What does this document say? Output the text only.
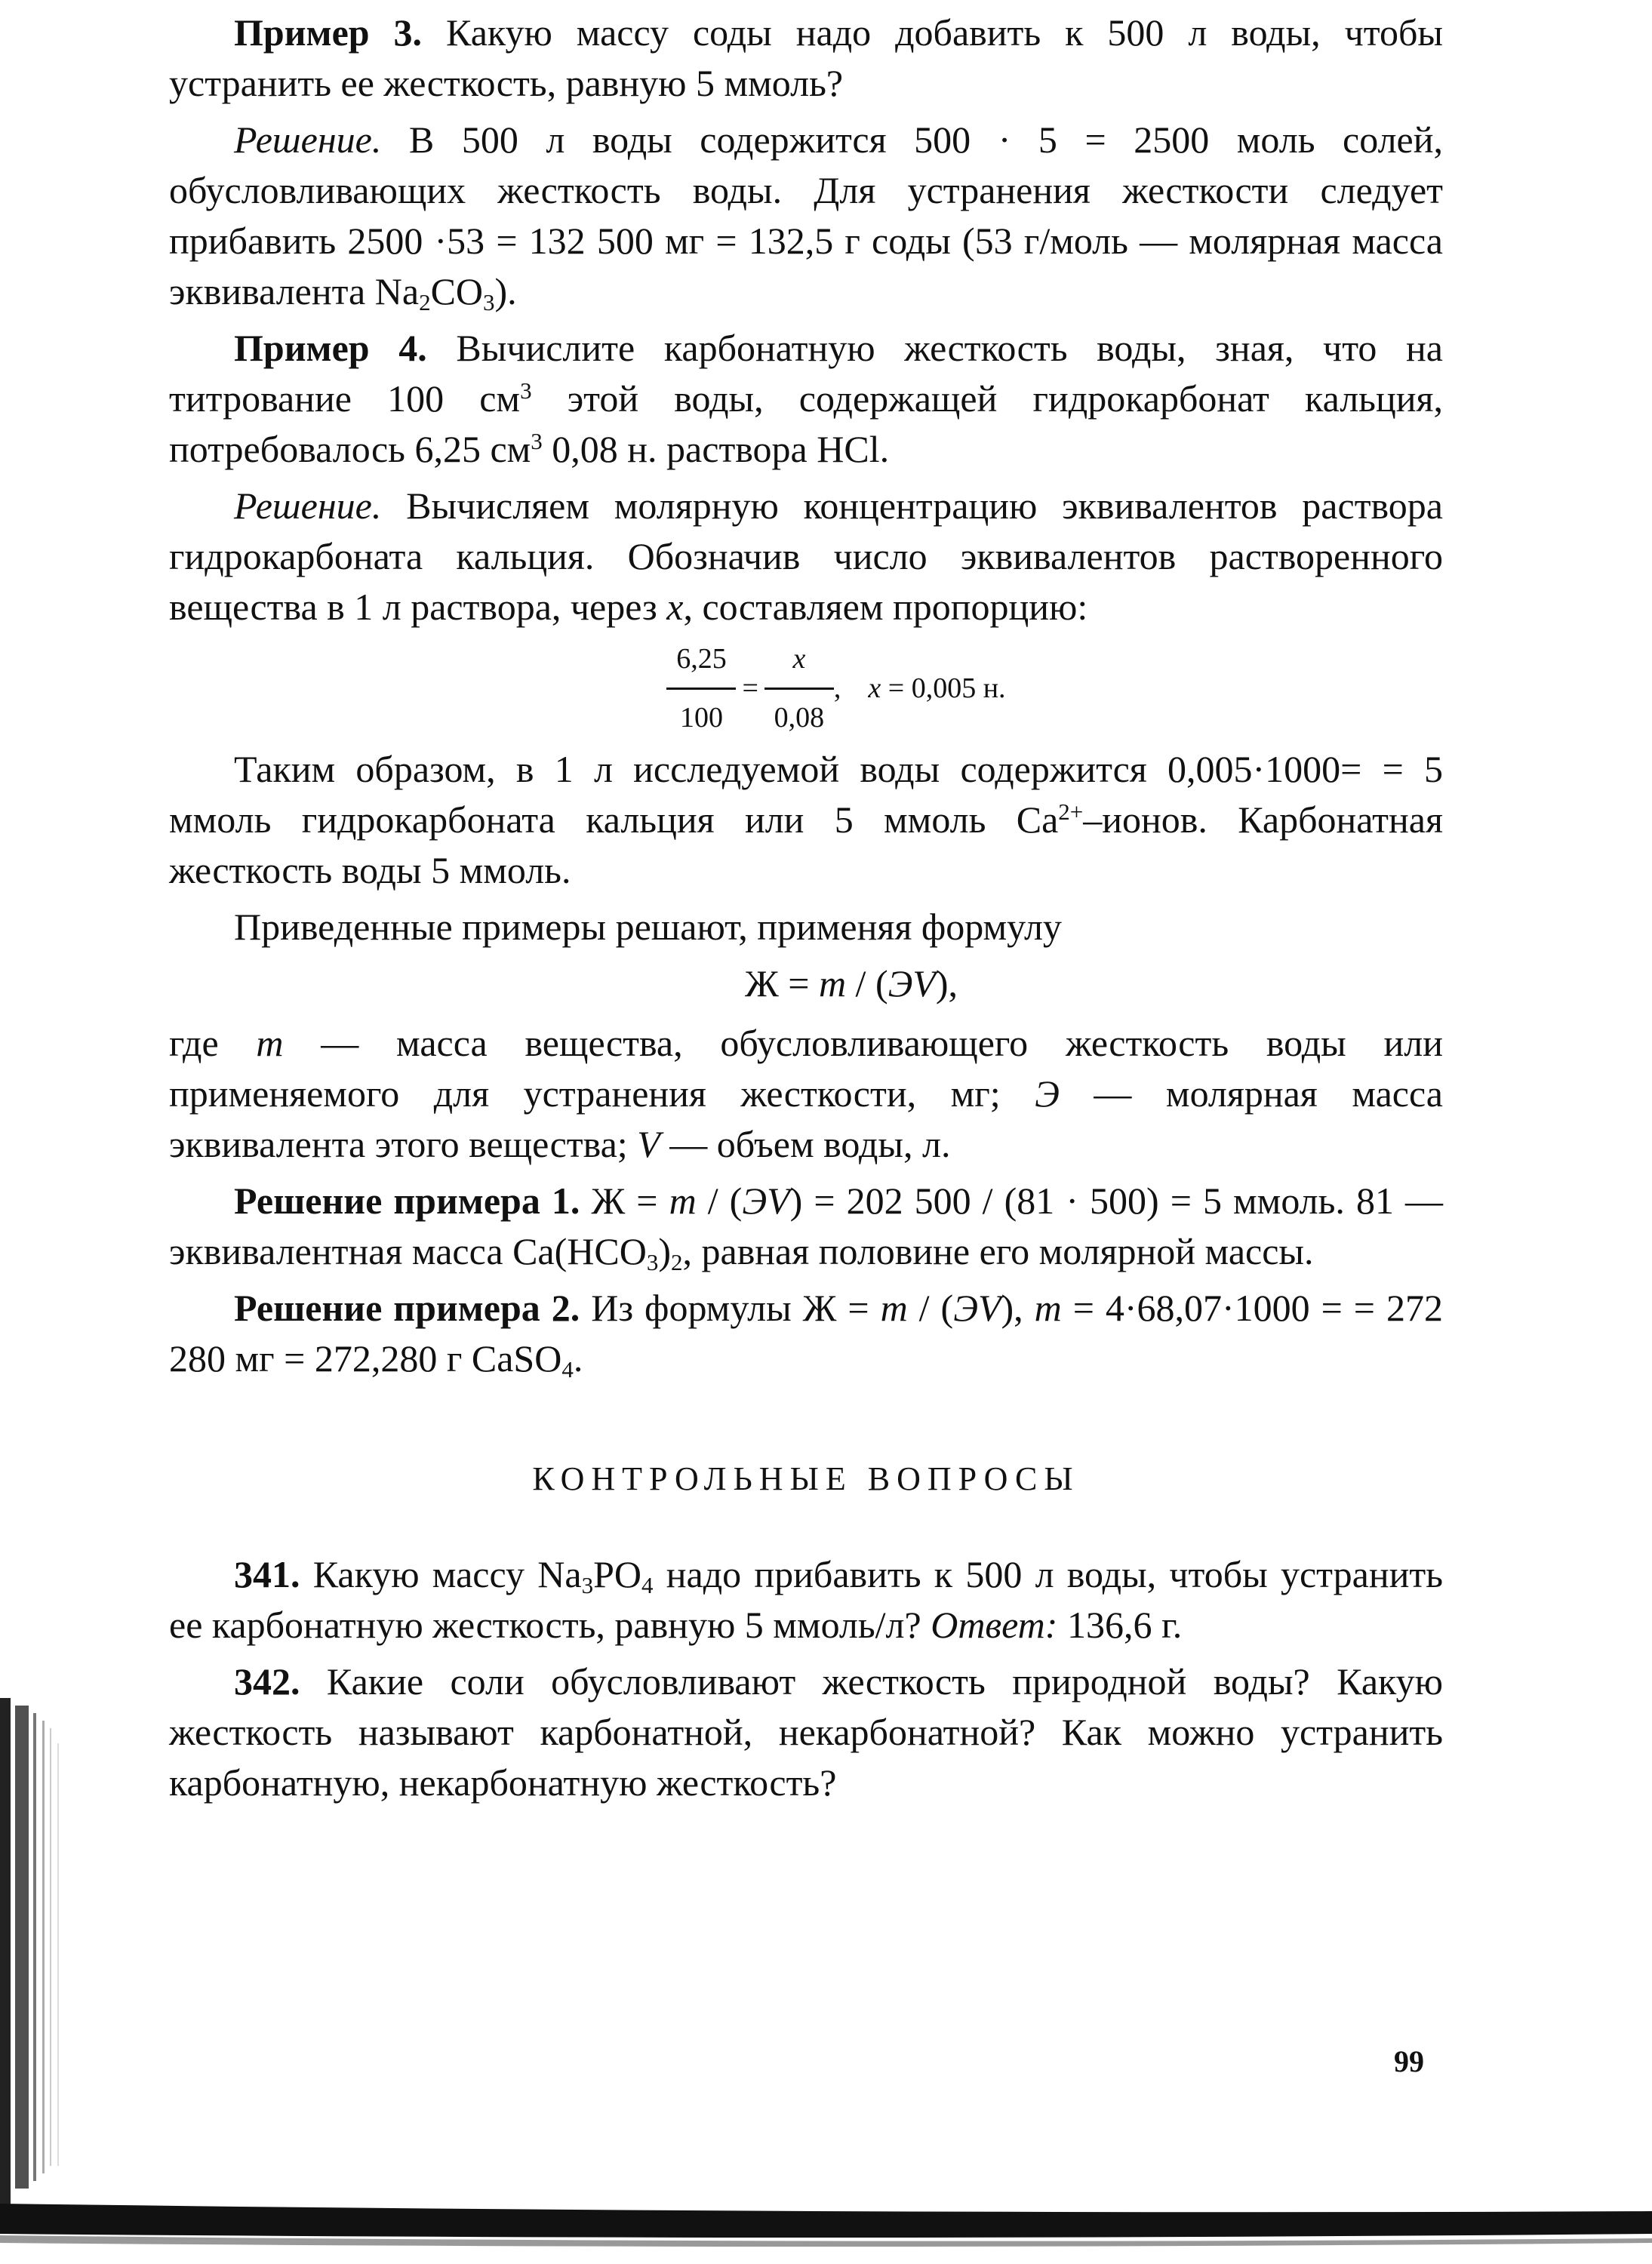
Пример 3. Какую массу соды надо добавить к 500 л воды, чтобы устранить ее жесткость, равную 5 ммоль?

Решение. В 500 л воды содержится 500 · 5 = 2500 моль солей, обусловливающих жесткость воды. Для устранения жесткости следует прибавить 2500 ·53 = 132 500 мг = 132,5 г соды (53 г/моль — молярная масса эквивалента $Na_2CO_3$).

Пример 4. Вычислите карбонатную жесткость воды, зная, что на титрование 100 $см^3$ этой воды, содержащей гидрокарбонат кальция, потребовалось 6,25 $см^3$ 0,08 н. раствора HCl.

Решение. Вычисляем молярную концентрацию эквивалентов раствора гидрокарбоната кальция. Обозначив число эквивалентов растворенного вещества в 1 л раствора, через x, составляем пропорцию:

$\frac{6,25}{100} = \frac{x}{0,08}$ , x = 0,005 н.

Таким образом, в 1 л исследуемой воды содержится 0,005·1000= = 5 ммоль гидрокарбоната кальция или 5 ммоль $Ca^{2+}$–ионов. Карбонатная жесткость воды 5 ммоль.

Приведенные примеры решают, применяя формулу

Ж = m / (ЭV),

где m — масса вещества, обусловливающего жесткость воды или применяемого для устранения жесткости, мг; Э — молярная масса эквивалента этого вещества; V — объем воды, л.

Решение примера 1. Ж = m / (ЭV) = 202 500 / (81 · 500) = 5 ммоль. 81 — эквивалентная масса $Ca(HCO_3)_2$, равная половине его молярной массы.

Решение примера 2. Из формулы Ж = m / (ЭV), m = 4·68,07·1000 = = 272 280 мг = 272,280 г CaSO$_4$.

КОНТРОЛЬНЫЕ ВОПРОСЫ

341. Какую массу $Na_3PO_4$ надо прибавить к 500 л воды, чтобы устранить ее карбонатную жесткость, равную 5 ммоль/л? Ответ: 136,6 г.

342. Какие соли обусловливают жесткость природной воды? Какую жесткость называют карбонатной, некарбонатной? Как можно устранить карбонатную, некарбонатную жесткость?

99
